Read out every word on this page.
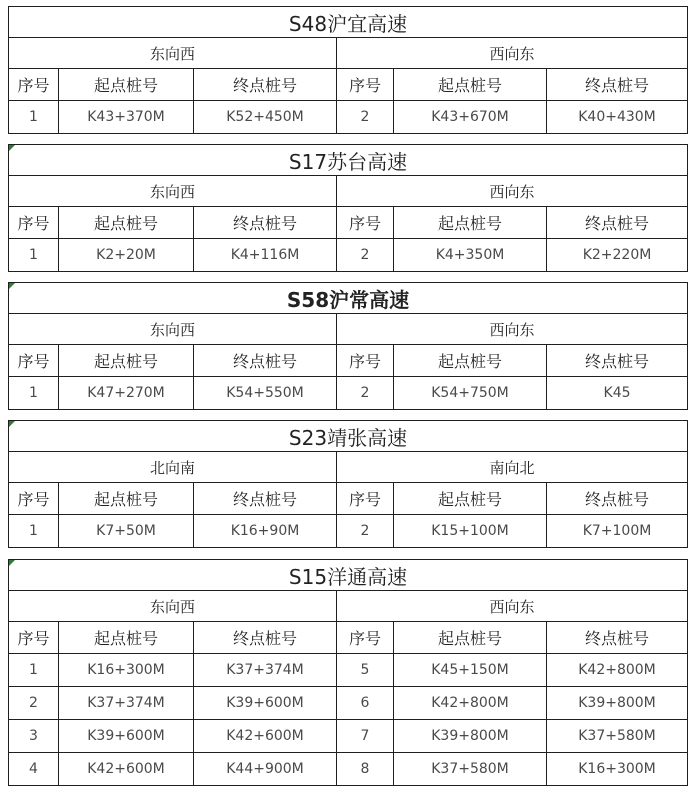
S48沪宜高速					
东向西			西向东		
序号	起点桩号	终点桩号	序号	起点桩号	终点桩号
1	K43+370M	K52+450M	2	K43+670M	K40+430M
S17苏台高速					
东向西			西向东		
序号	起点桩号	终点桩号	序号	起点桩号	终点桩号
1	K2+20M	K4+116M	2	K4+350M	K2+220M
S58沪常高速					
东向西			西向东		
序号	起点桩号	终点桩号	序号	起点桩号	终点桩号
1	K47+270M	K54+550M	2	K54+750M	K45
S23靖张高速					
北向南			南向北		
序号	起点桩号	终点桩号	序号	起点桩号	终点桩号
1	K7+50M	K16+90M	2	K15+100M	K7+100M
S15洋通高速					
东向西			西向东		
序号	起点桩号	终点桩号	序号	起点桩号	终点桩号
1	K16+300M	K37+374M	5	K45+150M	K42+800M
2	K37+374M	K39+600M	6	K42+800M	K39+800M
3	K39+600M	K42+600M	7	K39+800M	K37+580M
4	K42+600M	K44+900M	8	K37+580M	K16+300M
